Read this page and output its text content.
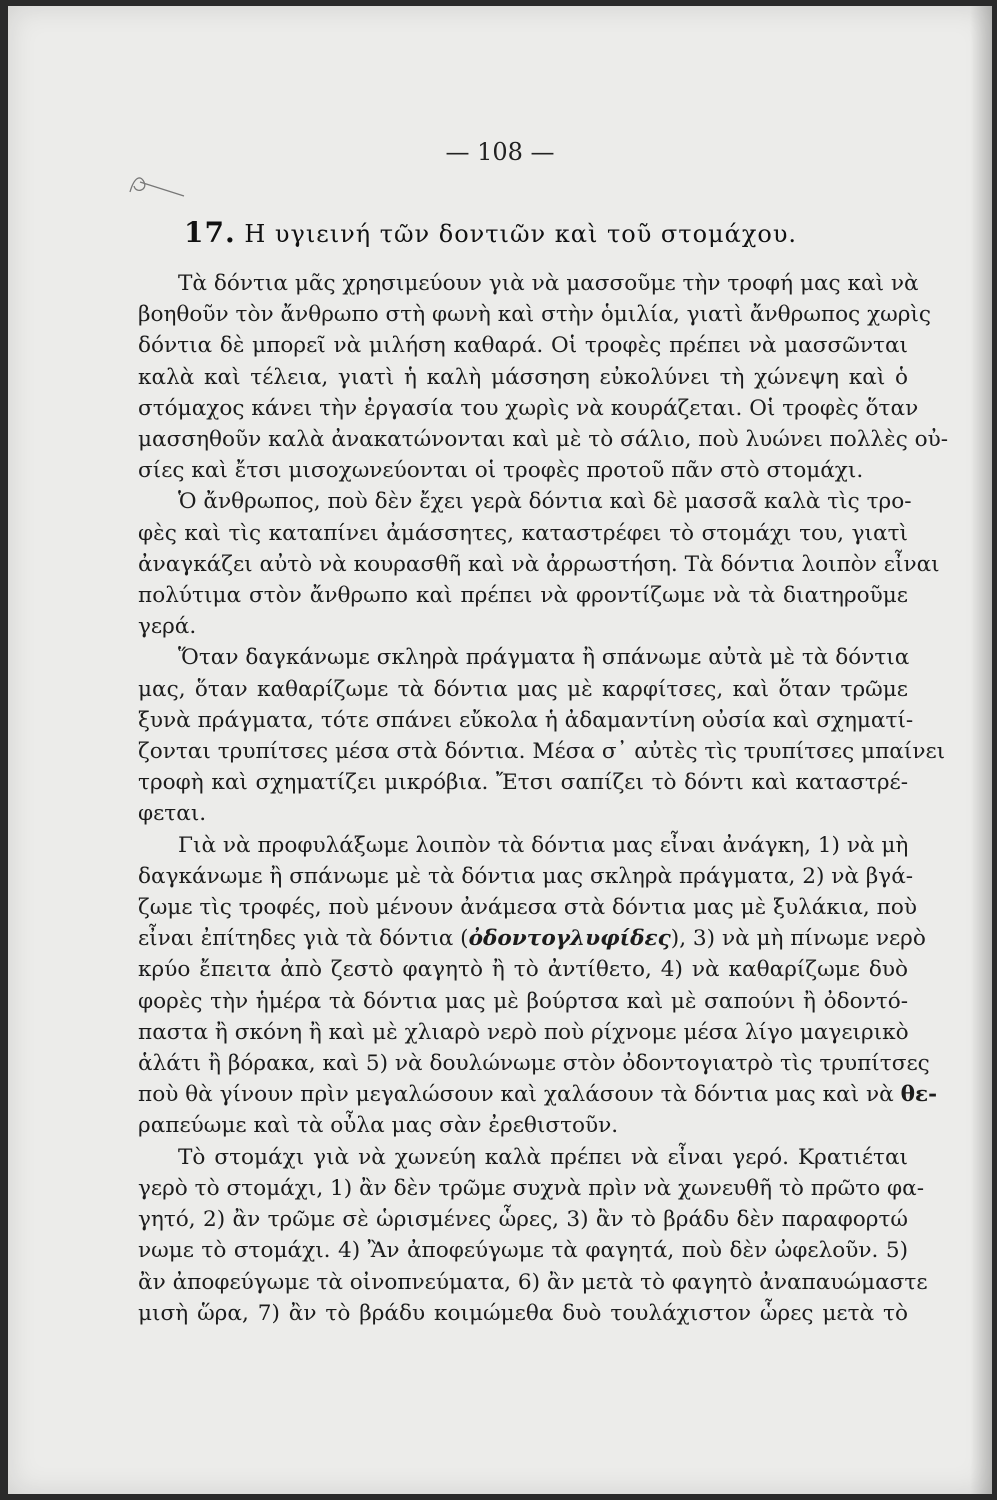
— 108 —
17. Η υγιεινή τῶν δοντιῶν καὶ τοῦ στομάχου.
Τὰ δόντια μᾶς χρησιμεύουν γιὰ νὰ μασσοῦμε τὴν τροφή μας καὶ νὰ
βοηθοῦν τὸν ἄνθρωπο στὴ φωνὴ καὶ στὴν ὁμιλία, γιατὶ ἄνθρωπος χωρὶς
δόντια δὲ μπορεῖ νὰ μιλήση καθαρά. Οἱ τροφὲς πρέπει νὰ μασσῶνται
καλὰ καὶ τέλεια, γιατὶ ἡ καλὴ μάσσηση εὐκολύνει τὴ χώνεψη καὶ ὁ
στόμαχος κάνει τὴν ἐργασία του χωρὶς νὰ κουράζεται. Οἱ τροφὲς ὅταν
μασσηθοῦν καλὰ ἀνακατώνονται καὶ μὲ τὸ σάλιο, ποὺ λυώνει πολλὲς οὐ-
σίες καὶ ἔτσι μισοχωνεύονται οἱ τροφὲς προτοῦ πᾶν στὸ στομάχι.
Ὁ ἄνθρωπος, ποὺ δὲν ἔχει γερὰ δόντια καὶ δὲ μασσᾶ καλὰ τὶς τρο-
φὲς καὶ τὶς καταπίνει ἀμάσσητες, καταστρέφει τὸ στομάχι του, γιατὶ
ἀναγκάζει αὐτὸ νὰ κουρασθῆ καὶ νὰ ἀρρωστήση. Τὰ δόντια λοιπὸν εἶναι
πολύτιμα στὸν ἄνθρωπο καὶ πρέπει νὰ φροντίζωμε νὰ τὰ διατηροῦμε
γερά.
Ὅταν δαγκάνωμε σκληρὰ πράγματα ἢ σπάνωμε αὐτὰ μὲ τὰ δόντια
μας, ὅταν καθαρίζωμε τὰ δόντια μας μὲ καρφίτσες, καὶ ὅταν τρῶμε
ξυνὰ πράγματα, τότε σπάνει εὔκολα ἡ ἀδαμαντίνη οὐσία καὶ σχηματί-
ζονται τρυπίτσες μέσα στὰ δόντια. Μέσα σ᾽ αὐτὲς τὶς τρυπίτσες μπαίνει
τροφὴ καὶ σχηματίζει μικρόβια. Ἔτσι σαπίζει τὸ δόντι καὶ καταστρέ-
φεται.
Γιὰ νὰ προφυλάξωμε λοιπὸν τὰ δόντια μας εἶναι ἀνάγκη, 1) νὰ μὴ
δαγκάνωμε ἢ σπάνωμε μὲ τὰ δόντια μας σκληρὰ πράγματα, 2) νὰ βγά-
ζωμε τὶς τροφές, ποὺ μένουν ἀνάμεσα στὰ δόντια μας μὲ ξυλάκια, ποὺ
εἶναι ἐπίτηδες γιὰ τὰ δόντια (ὀδοντογλυφίδες), 3) νὰ μὴ πίνωμε νερὸ
κρύο ἔπειτα ἀπὸ ζεστὸ φαγητὸ ἢ τὸ ἀντίθετο, 4) νὰ καθαρίζωμε δυὸ
φορὲς τὴν ἡμέρα τὰ δόντια μας μὲ βούρτσα καὶ μὲ σαπούνι ἢ ὀδοντό-
παστα ἢ σκόνη ἢ καὶ μὲ χλιαρὸ νερὸ ποὺ ρίχνομε μέσα λίγο μαγειρικὸ
ἁλάτι ἢ βόρακα, καὶ 5) νὰ δουλώνωμε στὸν ὀδοντογιατρὸ τὶς τρυπίτσες
ποὺ θὰ γίνουν πρὶν μεγαλώσουν καὶ χαλάσουν τὰ δόντια μας καὶ νὰ θε-
ραπεύωμε καὶ τὰ οὖλα μας σὰν ἐρεθιστοῦν.
Τὸ στομάχι γιὰ νὰ χωνεύη καλὰ πρέπει νὰ εἶναι γερό. Κρατιέται
γερὸ τὸ στομάχι, 1) ἂν δὲν τρῶμε συχνὰ πρὶν νὰ χωνευθῆ τὸ πρῶτο φα-
γητό, 2) ἂν τρῶμε σὲ ὡρισμένες ὧρες, 3) ἂν τὸ βράδυ δὲν παραφορτώ
νωμε τὸ στομάχι. 4) Ἂν ἀποφεύγωμε τὰ φαγητά, ποὺ δὲν ὠφελοῦν. 5)
ἂν ἀποφεύγωμε τὰ οἰνοπνεύματα, 6) ἂν μετὰ τὸ φαγητὸ ἀναπαυώμαστε
μισὴ ὥρα, 7) ἂν τὸ βράδυ κοιμώμεθα δυὸ τουλάχιστον ὧρες μετὰ τὸ
